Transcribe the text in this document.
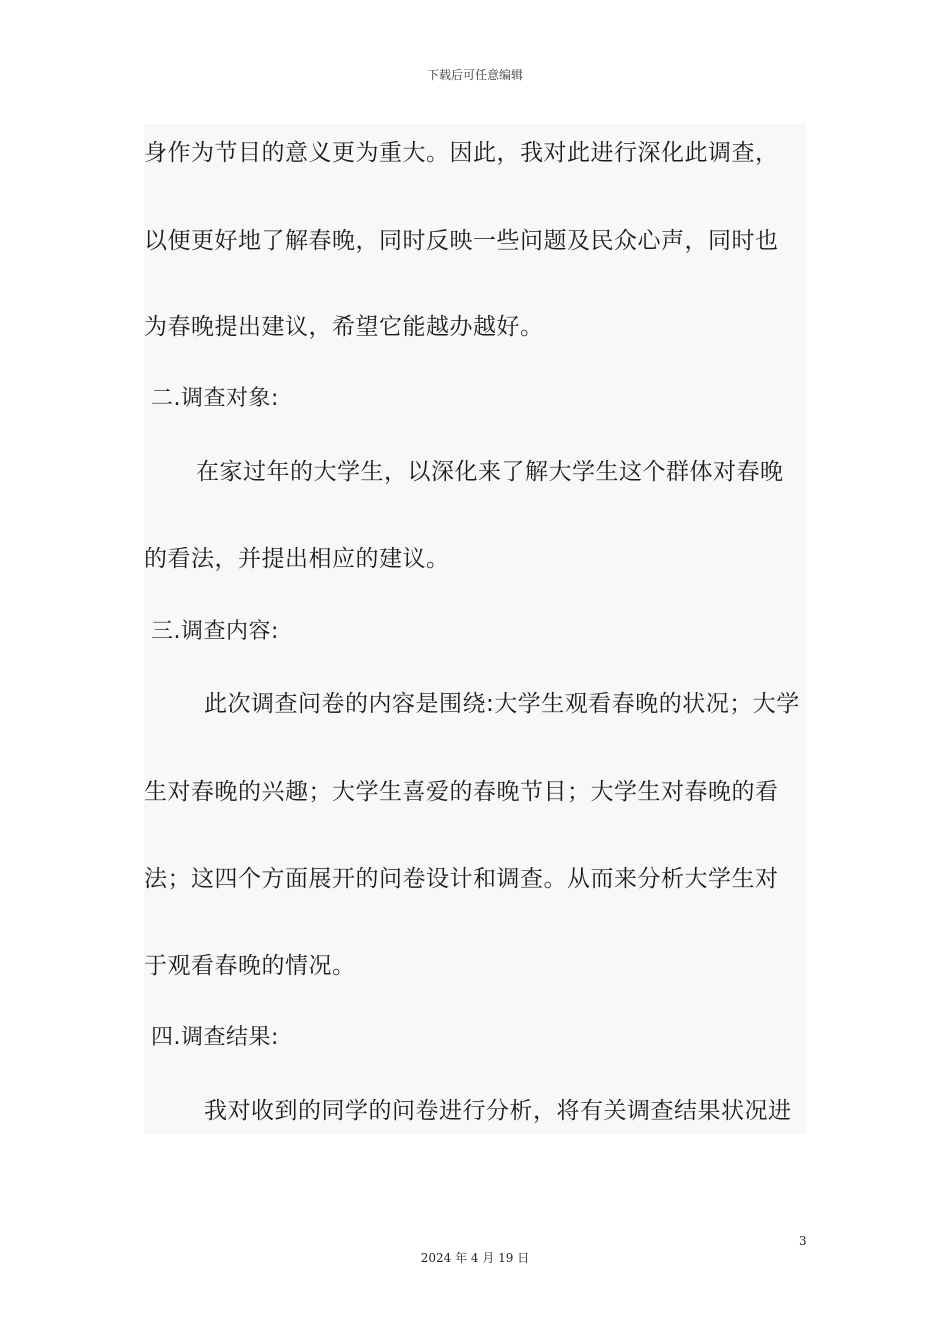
下载后可任意编辑
身作为节目的意义更为重大。因此，我对此进行深化此调查，
以便更好地了解春晚，同时反映一些问题及民众心声，同时也
为春晚提出建议，希望它能越办越好。
二.调查对象:
在家过年的大学生，以深化来了解大学生这个群体对春晚
的看法，并提出相应的建议。
三.调查内容:
此次调查问卷的内容是围绕:大学生观看春晚的状况；大学
生对春晚的兴趣；大学生喜爱的春晚节目；大学生对春晚的看
法；这四个方面展开的问卷设计和调查。从而来分析大学生对
于观看春晚的情况。
四.调查结果:
我对收到的同学的问卷进行分析，将有关调查结果状况进
3
2024 年 4 月 19 日
